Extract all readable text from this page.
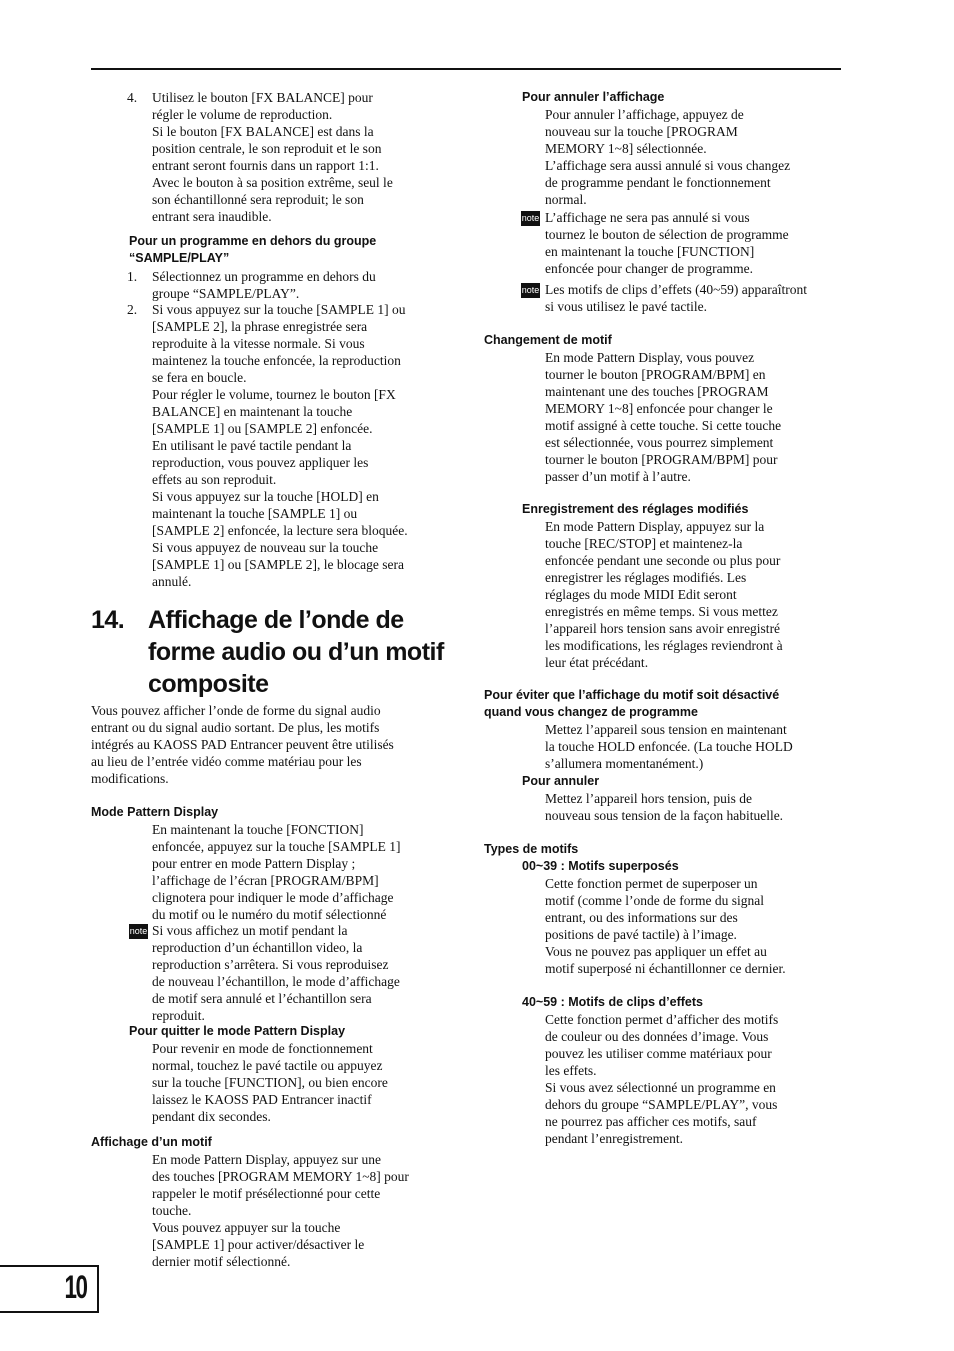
4. Utilisez le bouton [FX BALANCE] pour
régler le volume de reproduction.
Si le bouton [FX BALANCE] est dans la
position centrale, le son reproduit et le son
entrant seront fournis dans un rapport 1:1.
Avec le bouton à sa position extrême, seul le
son échantillonné sera reproduit; le son
entrant sera inaudible.
Pour un programme en dehors du groupe
“SAMPLE/PLAY”
1. Sélectionnez un programme en dehors du
groupe “SAMPLE/PLAY”.
2. Si vous appuyez sur la touche [SAMPLE 1] ou
[SAMPLE 2], la phrase enregistrée sera
reproduite à la vitesse normale. Si vous
maintenez la touche enfoncée, la reproduction
se fera en boucle.
Pour régler le volume, tournez le bouton [FX
BALANCE] en maintenant la touche
[SAMPLE 1] ou [SAMPLE 2] enfoncée.
En utilisant le pavé tactile pendant la
reproduction, vous pouvez appliquer les
effets au son reproduit.
Si vous appuyez sur la touche [HOLD] en
maintenant la touche [SAMPLE 1] ou
[SAMPLE 2] enfoncée, la lecture sera bloquée.
Si vous appuyez de nouveau sur la touche
[SAMPLE 1] ou [SAMPLE 2], le blocage sera
annulé.
14. Affichage de l’onde de
forme audio ou d’un motif
composite
Vous pouvez afficher l’onde de forme du signal audio
entrant ou du signal audio sortant. De plus, les motifs
intégrés au KAOSS PAD Entrancer peuvent être utilisés
au lieu de l’entrée vidéo comme matériau pour les
modifications.
Mode Pattern Display
En maintenant la touche [FONCTION]
enfoncée, appuyez sur la touche [SAMPLE 1]
pour entrer en mode Pattern Display ;
l’affichage de l’écran [PROGRAM/BPM]
clignotera pour indiquer le mode d’affichage
du motif ou le numéro du motif sélectionné
note Si vous affichez un motif pendant la
reproduction d’un échantillon video, la
reproduction s’arrêtera. Si vous reproduisez
de nouveau l’échantillon, le mode d’affichage
de motif sera annulé et l’échantillon sera
reproduit.
Pour quitter le mode Pattern Display
Pour revenir en mode de fonctionnement
normal, touchez le pavé tactile ou appuyez
sur la touche [FUNCTION], ou bien encore
laissez le KAOSS PAD Entrancer inactif
pendant dix secondes.
Affichage d’un motif
En mode Pattern Display, appuyez sur une
des touches [PROGRAM MEMORY 1~8] pour
rappeler le motif présélectionné pour cette
touche.
Vous pouvez appuyer sur la touche
[SAMPLE 1] pour activer/désactiver le
dernier motif sélectionné.
Pour annuler l’affichage
Pour annuler l’affichage, appuyez de
nouveau sur la touche [PROGRAM
MEMORY 1~8] sélectionnée.
L’affichage sera aussi annulé si vous changez
de programme pendant le fonctionnement
normal.
note L’affichage ne sera pas annulé si vous
tournez le bouton de sélection de programme
en maintenant la touche [FUNCTION]
enfoncée pour changer de programme.
note Les motifs de clips d’effets (40~59) apparaîtront
si vous utilisez le pavé tactile.
Changement de motif
En mode Pattern Display, vous pouvez
tourner le bouton [PROGRAM/BPM] en
maintenant une des touches [PROGRAM
MEMORY 1~8] enfoncée pour changer le
motif assigné à cette touche. Si cette touche
est sélectionnée, vous pourrez simplement
tourner le bouton [PROGRAM/BPM] pour
passer d’un motif à l’autre.
Enregistrement des réglages modifiés
En mode Pattern Display, appuyez sur la
touche [REC/STOP] et maintenez-la
enfoncée pendant une seconde ou plus pour
enregistrer les réglages modifiés. Les
réglages du mode MIDI Edit seront
enregistrés en même temps. Si vous mettez
l’appareil hors tension sans avoir enregistré
les modifications, les réglages reviendront à
leur état précédant.
Pour éviter que l’affichage du motif soit désactivé
quand vous changez de programme
Mettez l’appareil sous tension en maintenant
la touche HOLD enfoncée. (La touche HOLD
s’allumera momentanément.)
Pour annuler
Mettez l’appareil hors tension, puis de
nouveau sous tension de la façon habituelle.
Types de motifs
00~39 : Motifs superposés
Cette fonction permet de superposer un
motif (comme l’onde de forme du signal
entrant, ou des informations sur des
positions de pavé tactile) à l’image.
Vous ne pouvez pas appliquer un effet au
motif superposé ni échantillonner ce dernier.
40~59 : Motifs de clips d’effets
Cette fonction permet d’afficher des motifs
de couleur ou des données d’image. Vous
pouvez les utiliser comme matériaux pour
les effets.
Si vous avez sélectionné un programme en
dehors du groupe “SAMPLE/PLAY”, vous
ne pourrez pas afficher ces motifs, sauf
pendant l’enregistrement.
10
